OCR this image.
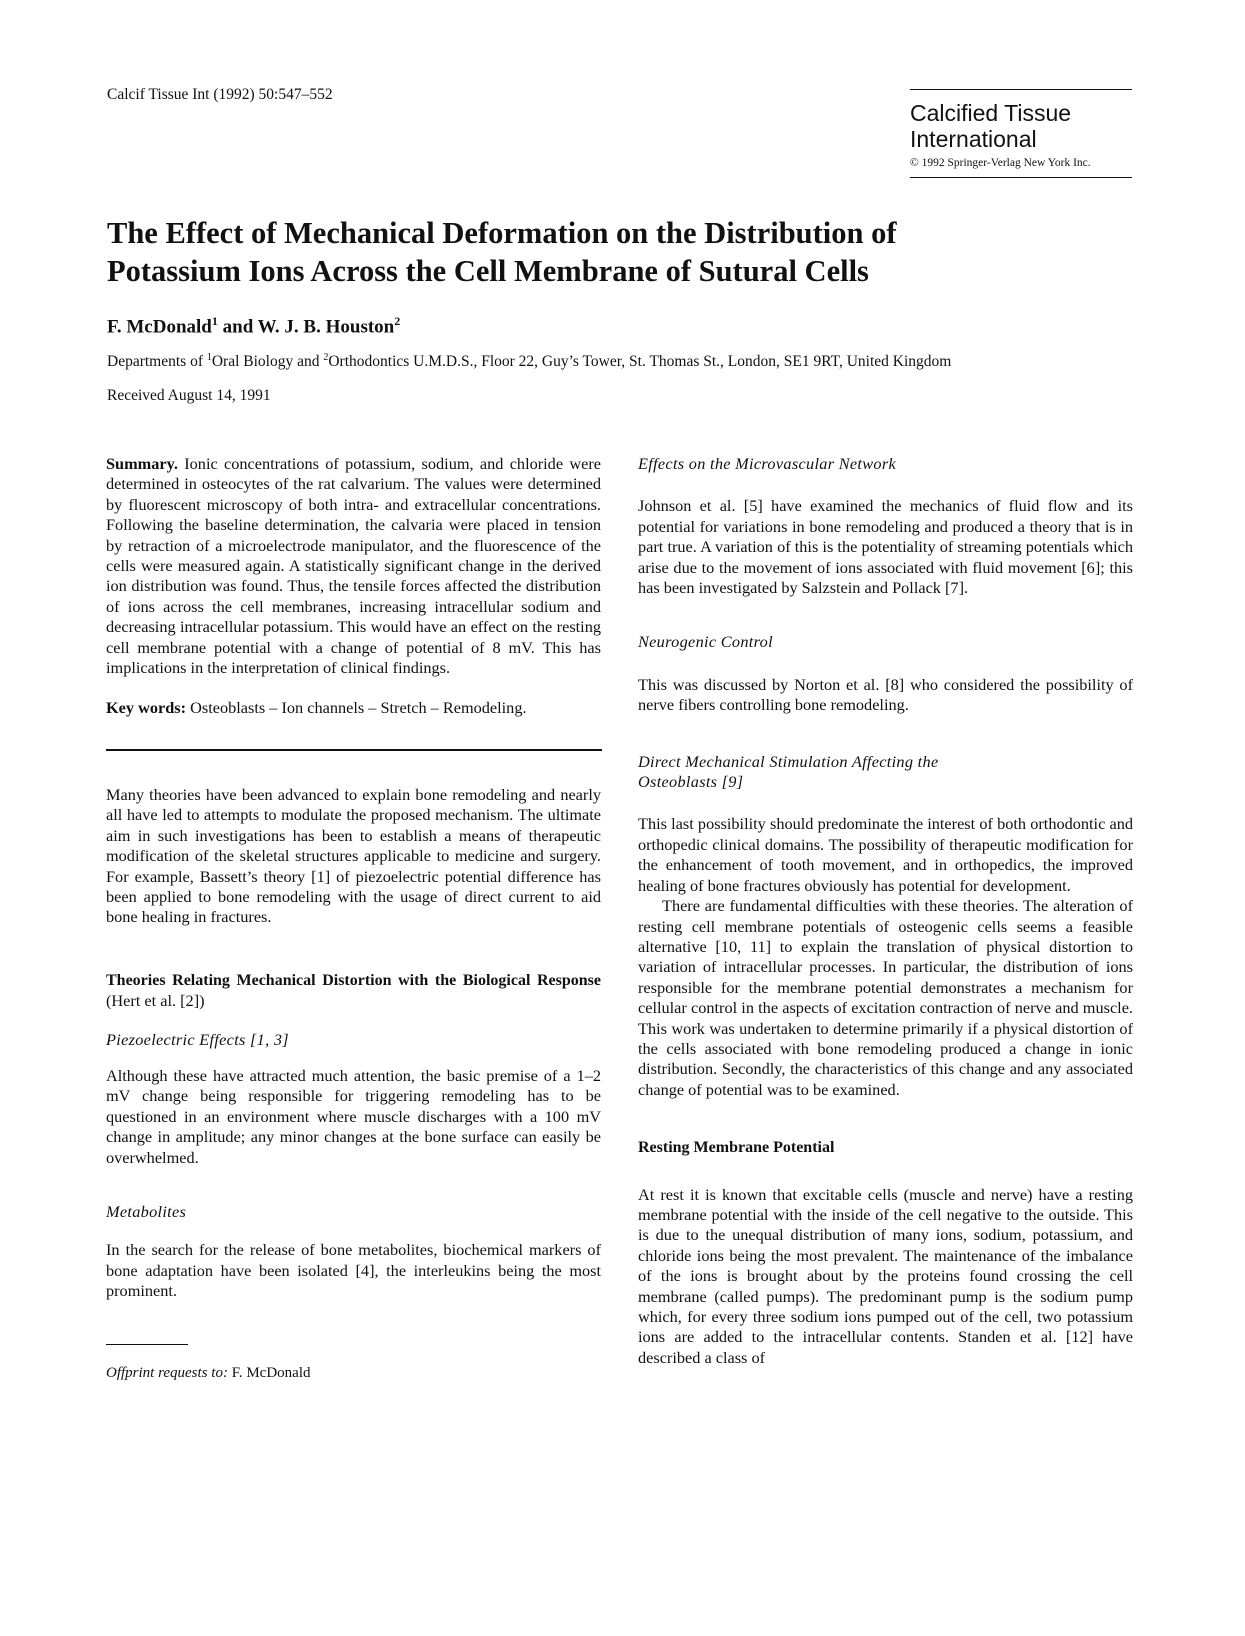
Calcif Tissue Int (1992) 50:547–552
Calcified Tissue
International
© 1992 Springer-Verlag New York Inc.
The Effect of Mechanical Deformation on the Distribution of
Potassium Ions Across the Cell Membrane of Sutural Cells
F. McDonald$^1$ and W. J. B. Houston$^2$
Departments of $^1$Oral Biology and $^2$Orthodontics U.M.D.S., Floor 22, Guy’s Tower, St. Thomas St., London, SE1 9RT, United Kingdom
Received August 14, 1991

Summary. Ionic concentrations of potassium, sodium, and chloride were determined in osteocytes of the rat calvarium. The values were determined by fluorescent microscopy of both intra- and extracellular concentrations. Following the baseline determination, the calvaria were placed in tension by retraction of a microelectrode manipulator, and the fluorescence of the cells were measured again. A statistically significant change in the derived ion distribution was found. Thus, the tensile forces affected the distribution of ions across the cell membranes, increasing intracellular sodium and decreasing intracellular potassium. This would have an effect on the resting cell membrane potential with a change of potential of 8 mV. This has implications in the interpretation of clinical findings.

Key words: Osteoblasts – Ion channels – Stretch – Remodeling.

Many theories have been advanced to explain bone remodeling and nearly all have led to attempts to modulate the proposed mechanism. The ultimate aim in such investigations has been to establish a means of therapeutic modification of the skeletal structures applicable to medicine and surgery. For example, Bassett’s theory [1] of piezoelectric potential difference has been applied to bone remodeling with the usage of direct current to aid bone healing in fractures.

Theories Relating Mechanical Distortion with the Biological Response (Hert et al. [2])

Piezoelectric Effects [1, 3]

Although these have attracted much attention, the basic premise of a 1–2 mV change being responsible for triggering remodeling has to be questioned in an environment where muscle discharges with a 100 mV change in amplitude; any minor changes at the bone surface can easily be overwhelmed.

Metabolites

In the search for the release of bone metabolites, biochemical markers of bone adaptation have been isolated [4], the interleukins being the most prominent.

Offprint requests to: F. McDonald

Effects on the Microvascular Network

Johnson et al. [5] have examined the mechanics of fluid flow and its potential for variations in bone remodeling and produced a theory that is in part true. A variation of this is the potentiality of streaming potentials which arise due to the movement of ions associated with fluid movement [6]; this has been investigated by Salzstein and Pollack [7].

Neurogenic Control

This was discussed by Norton et al. [8] who considered the possibility of nerve fibers controlling bone remodeling.

Direct Mechanical Stimulation Affecting the
Osteoblasts [9]

This last possibility should predominate the interest of both orthodontic and orthopedic clinical domains. The possibility of therapeutic modification for the enhancement of tooth movement, and in orthopedics, the improved healing of bone fractures obviously has potential for development.

There are fundamental difficulties with these theories. The alteration of resting cell membrane potentials of osteogenic cells seems a feasible alternative [10, 11] to explain the translation of physical distortion to variation of intracellular processes. In particular, the distribution of ions responsible for the membrane potential demonstrates a mechanism for cellular control in the aspects of excitation contraction of nerve and muscle. This work was undertaken to determine primarily if a physical distortion of the cells associated with bone remodeling produced a change in ionic distribution. Secondly, the characteristics of this change and any associated change of potential was to be examined.

Resting Membrane Potential

At rest it is known that excitable cells (muscle and nerve) have a resting membrane potential with the inside of the cell negative to the outside. This is due to the unequal distribution of many ions, sodium, potassium, and chloride ions being the most prevalent. The maintenance of the imbalance of the ions is brought about by the proteins found crossing the cell membrane (called pumps). The predominant pump is the sodium pump which, for every three sodium ions pumped out of the cell, two potassium ions are added to the intracellular contents. Standen et al. [12] have described a class of
